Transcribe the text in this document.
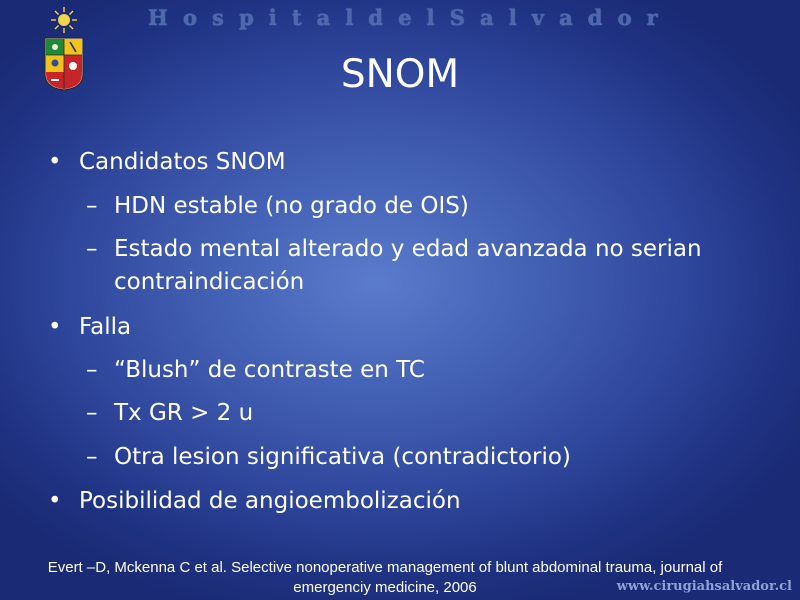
H o s p i t a l d e l S a l v a d o r
SNOM
• Candidatos SNOM
– HDN estable (no grado de OIS)
– Estado mental alterado y edad avanzada no serian contraindicación
• Falla
– “Blush” de contraste en TC
– Tx GR > 2 u
– Otra lesion significativa (contradictorio)
• Posibilidad de angioembolización
Evert –D, Mckenna C et al. Selective nonoperative management of blunt abdominal trauma, journal of
emergenciy medicine, 2006	www.cirugiahsalvador.cl
